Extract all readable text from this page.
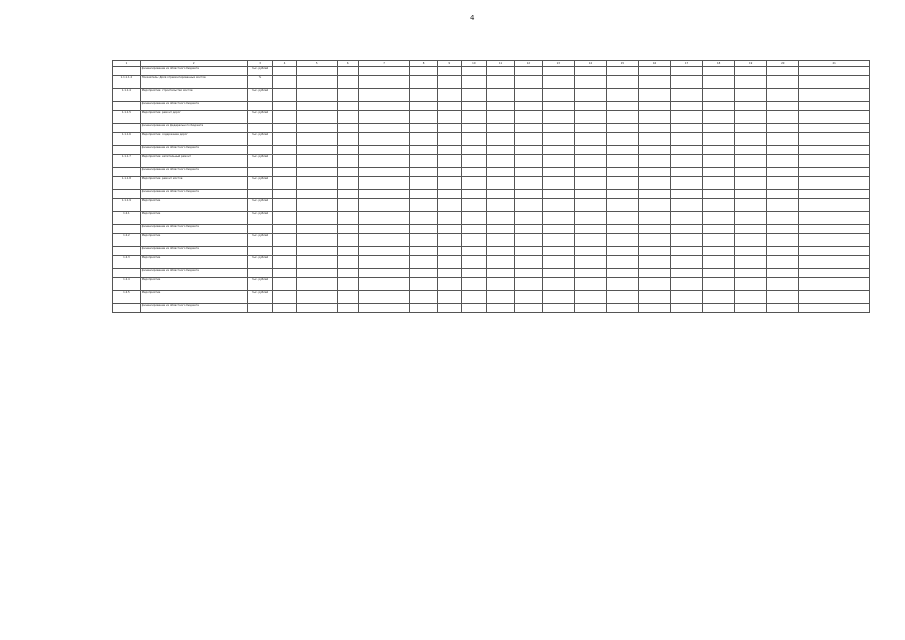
4
1	2	3	4	5	6	7	8	9	10	11	12	13	14	15	16	17	18	19	20	21
	финансирование из областного бюджета	тыс. рублей																		
1.1.1.1.2	Показатель: Доля отремонтированных мостов	%																		
1.1.1.4	Мероприятие: строительство мостов	тыс. рублей																		
	финансирование из областного бюджета																			
1.1.1.5	Мероприятие: ремонт дорог	тыс. рублей																		
	финансирование из федерального бюджета																			
1.1.1.6	Мероприятие: содержание дорог	тыс. рублей																		
	финансирование из областного бюджета																			
1.1.1.7	Мероприятие: капитальный ремонт	тыс. рублей																		
	финансирование из областного бюджета																			
1.1.1.8	Мероприятие: ремонт мостов	тыс. рублей																		
	финансирование из областного бюджета																			
1.1.1.9	Мероприятие	тыс. рублей																		
1.2.1	Мероприятие	тыс. рублей																		
	финансирование из областного бюджета																			
1.2.2	Мероприятие	тыс. рублей																		
	финансирование из областного бюджета																			
1.2.3	Мероприятие	тыс. рублей																		
	финансирование из областного бюджета																			
1.2.4	Мероприятие	тыс. рублей																		
1.2.5	Мероприятие	тыс. рублей																		
	финансирование из областного бюджета																			
